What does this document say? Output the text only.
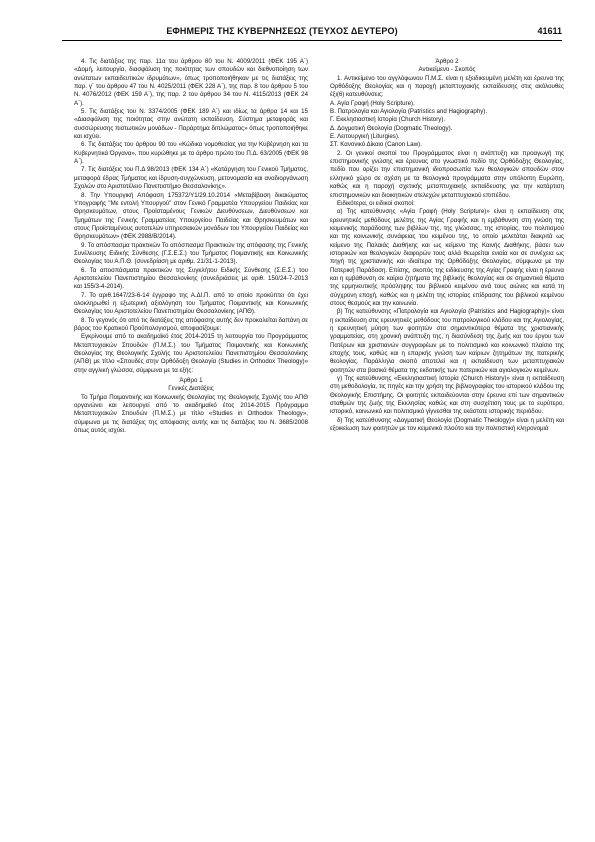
ΕΦΗΜΕΡΙΣ ΤΗΣ ΚΥΒΕΡΝΗΣΕΩΣ (ΤΕΥΧΟΣ ΔΕΥΤΕΡΟ)	41611

4. Τις διατάξεις της παρ. 11α του άρθρου 80 του Ν. 4009/2011 (ΦΕΚ 195 Α΄) «Δομή, λειτουργία, διασφάλιση της ποιότητας των σπουδών και διεθνοποίηση των ανώτατων εκπαιδευτικών ιδρυμάτων», όπως τροποποιήθηκαν με τις διατάξεις της παρ. γ΄ του άρθρου 47 του Ν. 4025/2011 (ΦΕΚ 228 Α΄), της παρ. 8 του άρθρου 5 του Ν. 4076/2012 (ΦΕΚ 159 Α΄), της παρ. 2 του άρθρου 34 του Ν. 4115/2013 (ΦΕΚ 24 Α΄).

5. Τις διατάξεις του Ν. 3374/2005 (ΦΕΚ 189 Α΄) και ιδίως τα άρθρα 14 και 15 «Διασφάλιση της ποιότητας στην ανώτατη εκπαίδευση. Σύστημα μεταφοράς και συσσώρευσης πιστωτικών μονάδων - Παράρτημα διπλώματος» όπως τροποποιήθηκε και ισχύει.

6. Τις διατάξεις του άρθρου 90 του «Κώδικα νομοθεσίας για την Κυβέρνηση και τα Κυβερνητικά Όργανα», που κυρώθηκε με το άρθρο πρώτο του Π.Δ. 63/2005 (ΦΕΚ 98 Α΄).

7. Τις διατάξεις του Π.Δ 98/2013 (ΦΕΚ 134 Α΄) «Κατάργηση του Γενικού Τμήματος, μεταφορά έδρας Τμήματος και ίδρυση-συγχώνευση, μετονομασία και αναδιοργάνωση Σχολών στο Αριστοτέλειο Πανεπιστήμιο Θεσσαλονίκης».

8. Την Υπουργική Απόφαση 175372/Υ1/29.10.2014 «Μεταβίβαση δικαιώματος Υπογραφής "Με εντολή Υπουργού" στον Γενικό Γραμματέα Υπουργείου Παιδείας και Θρησκευμάτων, στους Προϊσταμένους Γενικών Διευθύνσεων, Διευθύνσεων και Τμημάτων της Γενικής Γραμματείας Υπουργείου Παιδείας και Θρησκευμάτων και στους Προϊσταμένους αυτοτελών υπηρεσιακών μονάδων του Υπουργείου Παιδείας και Θρησκευμάτων» (ΦΕΚ 2988/Β/2014).

9. Το απόσπασμα πρακτικών Το απόσπασμα Πρακτικών της απόφασης της Γενικής Συνέλευσης Ειδικής Σύνθεσης (Γ.Σ.Ε.Σ.) του Τμήματος Ποιμαντικής και Κοινωνικής Θεολογίας του Α.Π.Θ. (συνεδρίαση με αριθμ. 21/31-1-2013).

6. Τα αποσπάσματα πρακτικών της Συγκλήτου Ειδικής Σύνθεσης (Σ.Ε.Σ.) του Αριστοτελείου Πανεπιστημίου Θεσσαλονίκης (συνεδριάσεις με αριθ. 150/24-7-2013 και 155/3-4-2014).

7. Το αριθ.1647/23-6-14 έγγραφο της Α.ΔΙ.Π. από το οποίο προκύπτει ότι έχει ολοκληρωθεί η εξωτερική αξιολόγηση του Τμήματος Ποιμαντικής και Κοινωνικής Θεολογίας του Αριστοτελείου Πανεπιστημίου Θεσσαλονίκης (ΑΠΘ).

8. Το γεγονός ότι από τις διατάξεις της απόφασης αυτής δεν προκαλείται δαπάνη σε βάρος του Κρατικού Προϋπολογισμού, αποφασίζουμε:

Εγκρίνουμε από το ακαδημαϊκό έτος 2014-2015 τη λειτουργία του Προγράμματος Μεταπτυχιακών Σπουδών (Π.Μ.Σ.) του Τμήματος Ποιμαντικής και Κοινωνικής Θεολογίας της Θεολογικής Σχολής του Αριστοτελείου Πανεπιστημίου Θεσσαλονίκης (ΑΠΘ) με τίτλο «Σπουδές στην Ορθόδοξη Θεολογία (Studies in Orthodox Theology)» στην αγγλική γλώσσα, σύμφωνα με τα εξής:

Άρθρο 1

Γενικές Διατάξεις

Το Τμήμα Ποιμαντικής και Κοινωνικής Θεολογίας της Θεολογικής Σχολής του ΑΠΘ οργανώνει και λειτουργεί από το ακαδημαϊκό έτος 2014-2015 Πρόγραμμα Μεταπτυχιακών Σπουδών (Π.Μ.Σ.) με τίτλο «Studies in Orthodox Theology», σύμφωνα με τις διατάξεις της απόφασης αυτής και τις διατάξεις του Ν. 3685/2008 όπως αυτός ισχύει.

Άρθρο 2

Αντικείμενο - Σκοπός

1. Αντικείμενο του αγγλόφωνου Π.Μ.Σ. είναι η εξειδικευμένη μελέτη και έρευνα της Ορθόδοξης Θεολογίας και η παροχή μεταπτυχιακής εκπαίδευσης στις ακόλουθες έξι(6) κατευθύνσεις:

Α. Αγία Γραφή (Holy Scripture).

Β. Πατρολογία και Αγιολογία (Patristics and Hagiography).

Γ. Εκκλησιαστική Ιστορία (Church History).

Δ. Δογματική Θεολογία (Dogmatic Theology).

Ε. Λειτουργική (Liturgies).

ΣΤ. Κανονικό Δίκαιο (Canon Law).

2. Οι γενικοί σκοποί του Προγράμματος είναι η ανάπτυξη και προαγωγή της επιστημονικής γνώσης και έρευνας στο γνωστικό πεδίο της Ορθόδοξης Θεολογίας, πεδίο που ορίζει την επιστημονική ιδιοπροσωπία των θεολογικών σπουδών στον ελληνικό χώρο σε σχέση με τα θεολογικά προγράμματα στην υπόλοιπη Ευρώπη, καθώς και η παροχή σχετικής μεταπτυχιακής εκπαίδευσης για την κατάρτιση επιστημονικών και διοικητικών στελεχών μεταπτυχιακού επιπέδου.

Ειδικότερα, οι ειδικοί σκοποί:

α) Της κατεύθυνσης «Αγία Γραφή (Holy Scripture)» είναι η εκπαίδευση στις ερευνητικές μεθόδους μελέτης της Αγίας Γραφής και η εμβάθυνση στη γνώση της κειμενικής παράδοσης των βιβλίων της, της γλώσσας, της ιστορίας, του πολιτισμού και της κοινωνικής συνάφειας του κειμένου της, το οποίο μελετάται διακριτά ως κείμενο της Παλαιάς Διαθήκης και ως κείμενο της Καινής Διαθήκης, βάσει των ιστορικών και θεολογικών διαφορών τους αλλά θεωρείται ενιαία και σε συνέχεια ως πηγή της χριστιανικής και ιδιαίτερα της Ορθόδοξης Θεολογίας, σύμφωνα με την Πατερική Παράδοση. Επίσης, σκοπός της ειδίκευσης της Αγίας Γραφής είναι η έρευνα και η εμβάθυνση σε καίρια ζητήματα της βιβλικής θεολογίας και σε σημαντικά θέματα της ερμηνευτικής πρόσληψης του βιβλικού κειμένου ανά τους αιώνες και κατά τη σύγχρονη εποχή, καθώς και η μελέτη της ιστορίας επίδρασης του βιβλικού κειμένου στους θεσμούς και την κοινωνία.

β) Της κατεύθυνσης «Πατρολογία και Αγιολογία (Patristics and Hagiography)» είναι η εκπαίδευση στις ερευνητικές μεθόδους του πατρολογικού κλάδου και της Αγιολογίας, η ερευνητική μύηση των φοιτητών στα σημαντικότερα θέματα της χριστιανικής γραμματείας, στη χρονική ανάπτυξη της, η διασύνδεση της ζωής και του έργου των Πατέρων και χριστιανών συγγραφέων με το πολιτισμικό και κοινωνικό πλαίσιο της εποχής τους, καθώς και η επαρκής γνώση των καίριων ζητημάτων της πατερικής θεολογίας. Παράλληλα σκοπό αποτελεί και η εκπαίδευση των μεταπτυχιακών φοιτητών στα βασικά θέματα της εκδοτικής των πατερικών και αγιολογικών κειμένων.

γ) Της κατεύθυνσης «Εκκλησιαστική Ιστορία (Church History)» είναι η εκπαίδευση στη μεθοδολογία, τις πηγές και την χρήση της βιβλιογραφίας του ιστορικού κλάδου της Θεολογικής Επιστήμης. Οι φοιτητές εκπαιδεύονται στην έρευνα επί των σημαντικών σταθμών της ζωής της Εκκλησίας καθώς και στη συσχέτιση τους με το ευρύτερο, ιστορικό, κοινωνικό και πολιτισμικό γίγνεσθαι της εκάστοτε ιστορικής περιόδου.

δ) Της κατεύθυνσης «Δογματική Θεολογία (Dogmatic Theology)» είναι η μελέτη και εξοικείωση των φοιτητών με τον κειμενικό πλούτο και την πολιτιστική κληρονομιά
